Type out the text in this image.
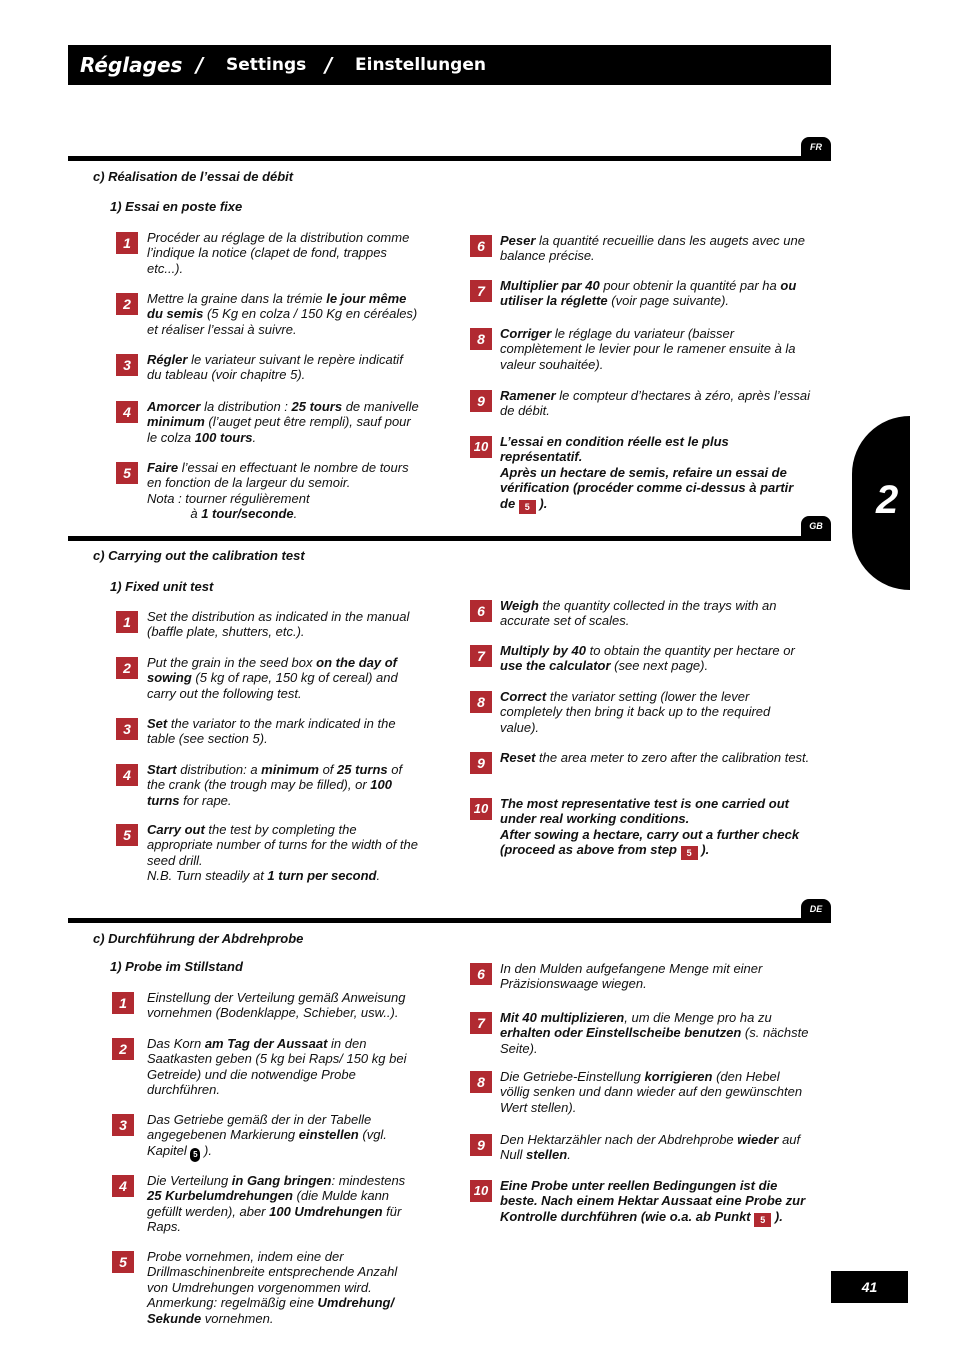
Réglages / Settings / Einstellungen
FR
c) Réalisation de l’essai de débit
1) Essai en poste fixe
1	Procéder au réglage de la distribution comme l’indique la notice (clapet de fond, trappes etc...).
2	Mettre la graine dans la trémie le jour même du semis (5 Kg en colza / 150 Kg en céréales) et réaliser l’essai à suivre.
3	Régler le variateur suivant le repère indicatif du tableau (voir chapitre 5).
4	Amorcer la distribution : 25 tours de manivelle minimum (l’auget peut être rempli), sauf pour le colza 100 tours.
5	Faire l’essai en effectuant le nombre de tours en fonction de la largeur du semoir.
Nota : tourner régulièrement
à 1 tour/seconde.
6	Peser la quantité recueillie dans les augets avec une balance précise.
7	Multiplier par 40 pour obtenir la quantité par ha ou utiliser la réglette (voir page suivante).
8	Corriger le réglage du variateur (baisser complètement le levier pour le ramener ensuite à la valeur souhaitée).
9	Ramener le compteur d’hectares à zéro, après l’essai de débit.
10 L’essai en condition réelle est le plus représentatif.
Après un hectare de semis, refaire un essai de vérification (procéder comme ci-dessus à partir de 5 ).
GB
c) Carrying out the calibration test
1) Fixed unit test
1	Set the distribution as indicated in the manual (baffle plate, shutters, etc.).
2	Put the grain in the seed box on the day of sowing (5 kg of rape, 150 kg of cereal) and carry out the following test.
3	Set the variator to the mark indicated in the table (see section 5).
4	Start distribution: a minimum of 25 turns of the crank (the trough may be filled), or 100 turns for rape.
5	Carry out the test by completing the appropriate number of turns for the width of the seed drill.
N.B. Turn steadily at 1 turn per second.
6	Weigh the quantity collected in the trays with an accurate set of scales.
7	Multiply by 40 to obtain the quantity per hectare or use the calculator (see next page).
8	Correct the variator setting (lower the lever completely then bring it back up to the required value).
9	Reset the area meter to zero after the calibration test.
10 The most representative test is one carried out under real working conditions.
After sowing a hectare, carry out a further check (proceed as above from step 5 ).
DE
c) Durchführung der Abdrehprobe
1) Probe im Stillstand
1	Einstellung der Verteilung gemäß Anweisung vornehmen (Bodenklappe, Schieber, usw..).
2	Das Korn am Tag der Aussaat in den Saatkasten geben (5 kg bei Raps/ 150 kg bei Getreide) und die notwendige Probe durchführen.
3	Das Getriebe gemäß der in der Tabelle angegebenen Markierung einstellen (vgl. Kapitel 5 ).
4	Die Verteilung in Gang bringen: mindestens 25 Kurbelumdrehungen (die Mulde kann gefüllt werden), aber 100 Umdrehungen für Raps.
5	Probe vornehmen, indem eine der Drillmaschinenbreite entsprechende Anzahl von Umdrehungen vorgenommen wird.
Anmerkung: regelmäßig eine Umdrehung/ Sekunde vornehmen.
6	In den Mulden aufgefangene Menge mit einer Präzisionswaage wiegen.
7	Mit 40 multiplizieren, um die Menge pro ha zu erhalten oder Einstellscheibe benutzen (s. nächste Seite).
8	Die Getriebe-Einstellung korrigieren (den Hebel völlig senken und dann wieder auf den gewünschten Wert stellen).
9	Den Hektarzähler nach der Abdrehprobe wieder auf Null stellen.
10 Eine Probe unter reellen Bedingungen ist die beste. Nach einem Hektar Aussaat eine Probe zur Kontrolle durchführen (wie o.a. ab Punkt 5 ).
2
41
